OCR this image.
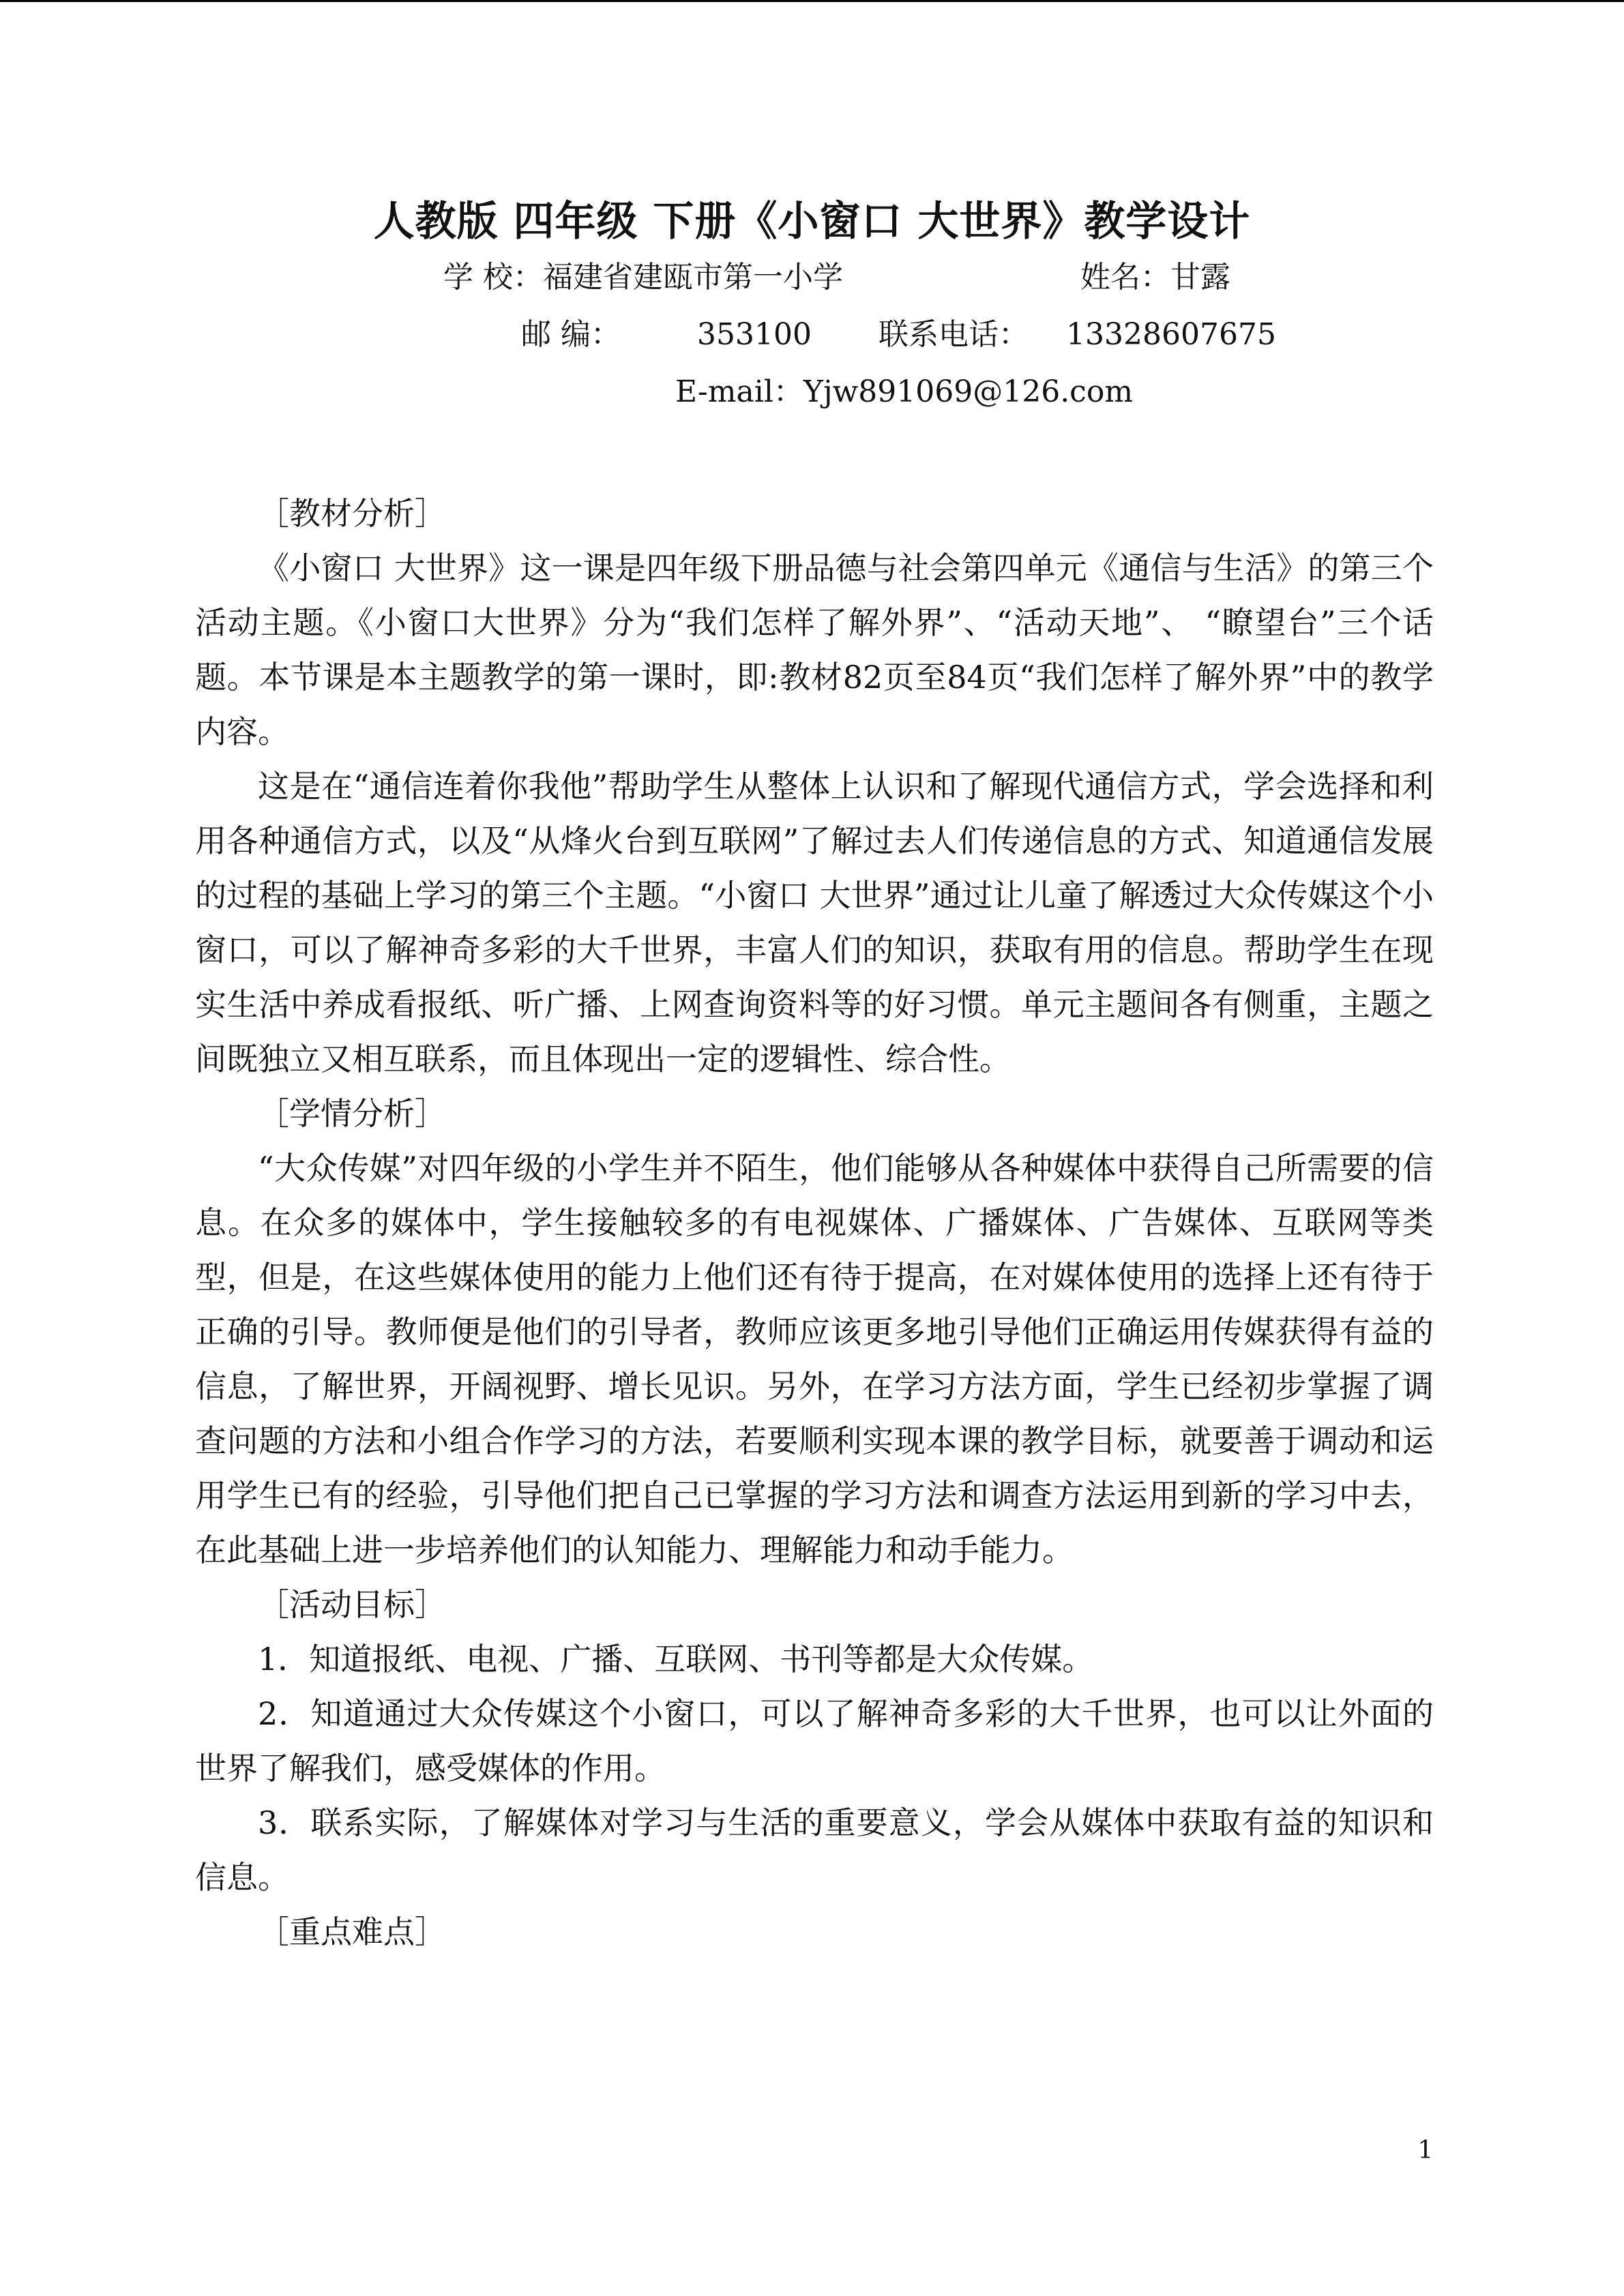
人教版 四年级 下册《小窗口 大世界》教学设计
学 校：福建省建瓯市第一小学	姓名：甘露
邮 编：	353100 联系电话： 13328607675
E-mail：Yjw891069@126.com

［教材分析］

《小窗口 大世界》这一课是四年级下册品德与社会第四单元《通信与生活》的第三个活动主题。《小窗口大世界》分为“我们怎样了解外界”、“活动天地”、 “瞭望台”三个话题。本节课是本主题教学的第一课时，即:教材82页至84页“我们怎样了解外界”中的教学内容。

这是在“通信连着你我他”帮助学生从整体上认识和了解现代通信方式，学会选择和利用各种通信方式，以及“从烽火台到互联网”了解过去人们传递信息的方式、知道通信发展的过程的基础上学习的第三个主题。“小窗口 大世界”通过让儿童了解透过大众传媒这个小窗口，可以了解神奇多彩的大千世界，丰富人们的知识，获取有用的信息。帮助学生在现实生活中养成看报纸、听广播、上网查询资料等的好习惯。单元主题间各有侧重，主题之间既独立又相互联系，而且体现出一定的逻辑性、综合性。

［学情分析］

“大众传媒”对四年级的小学生并不陌生，他们能够从各种媒体中获得自己所需要的信息。在众多的媒体中，学生接触较多的有电视媒体、广播媒体、广告媒体、互联网等类型，但是，在这些媒体使用的能力上他们还有待于提高，在对媒体使用的选择上还有待于正确的引导。教师便是他们的引导者，教师应该更多地引导他们正确运用传媒获得有益的信息，了解世界，开阔视野、增长见识。另外，在学习方法方面，学生已经初步掌握了调查问题的方法和小组合作学习的方法，若要顺利实现本课的教学目标，就要善于调动和运用学生已有的经验，引导他们把自己已掌握的学习方法和调查方法运用到新的学习中去，在此基础上进一步培养他们的认知能力、理解能力和动手能力。

［活动目标］

1．知道报纸、电视、广播、互联网、书刊等都是大众传媒。

2．知道通过大众传媒这个小窗口，可以了解神奇多彩的大千世界，也可以让外面的世界了解我们，感受媒体的作用。

3．联系实际，了解媒体对学习与生活的重要意义，学会从媒体中获取有益的知识和信息。

［重点难点］

1
